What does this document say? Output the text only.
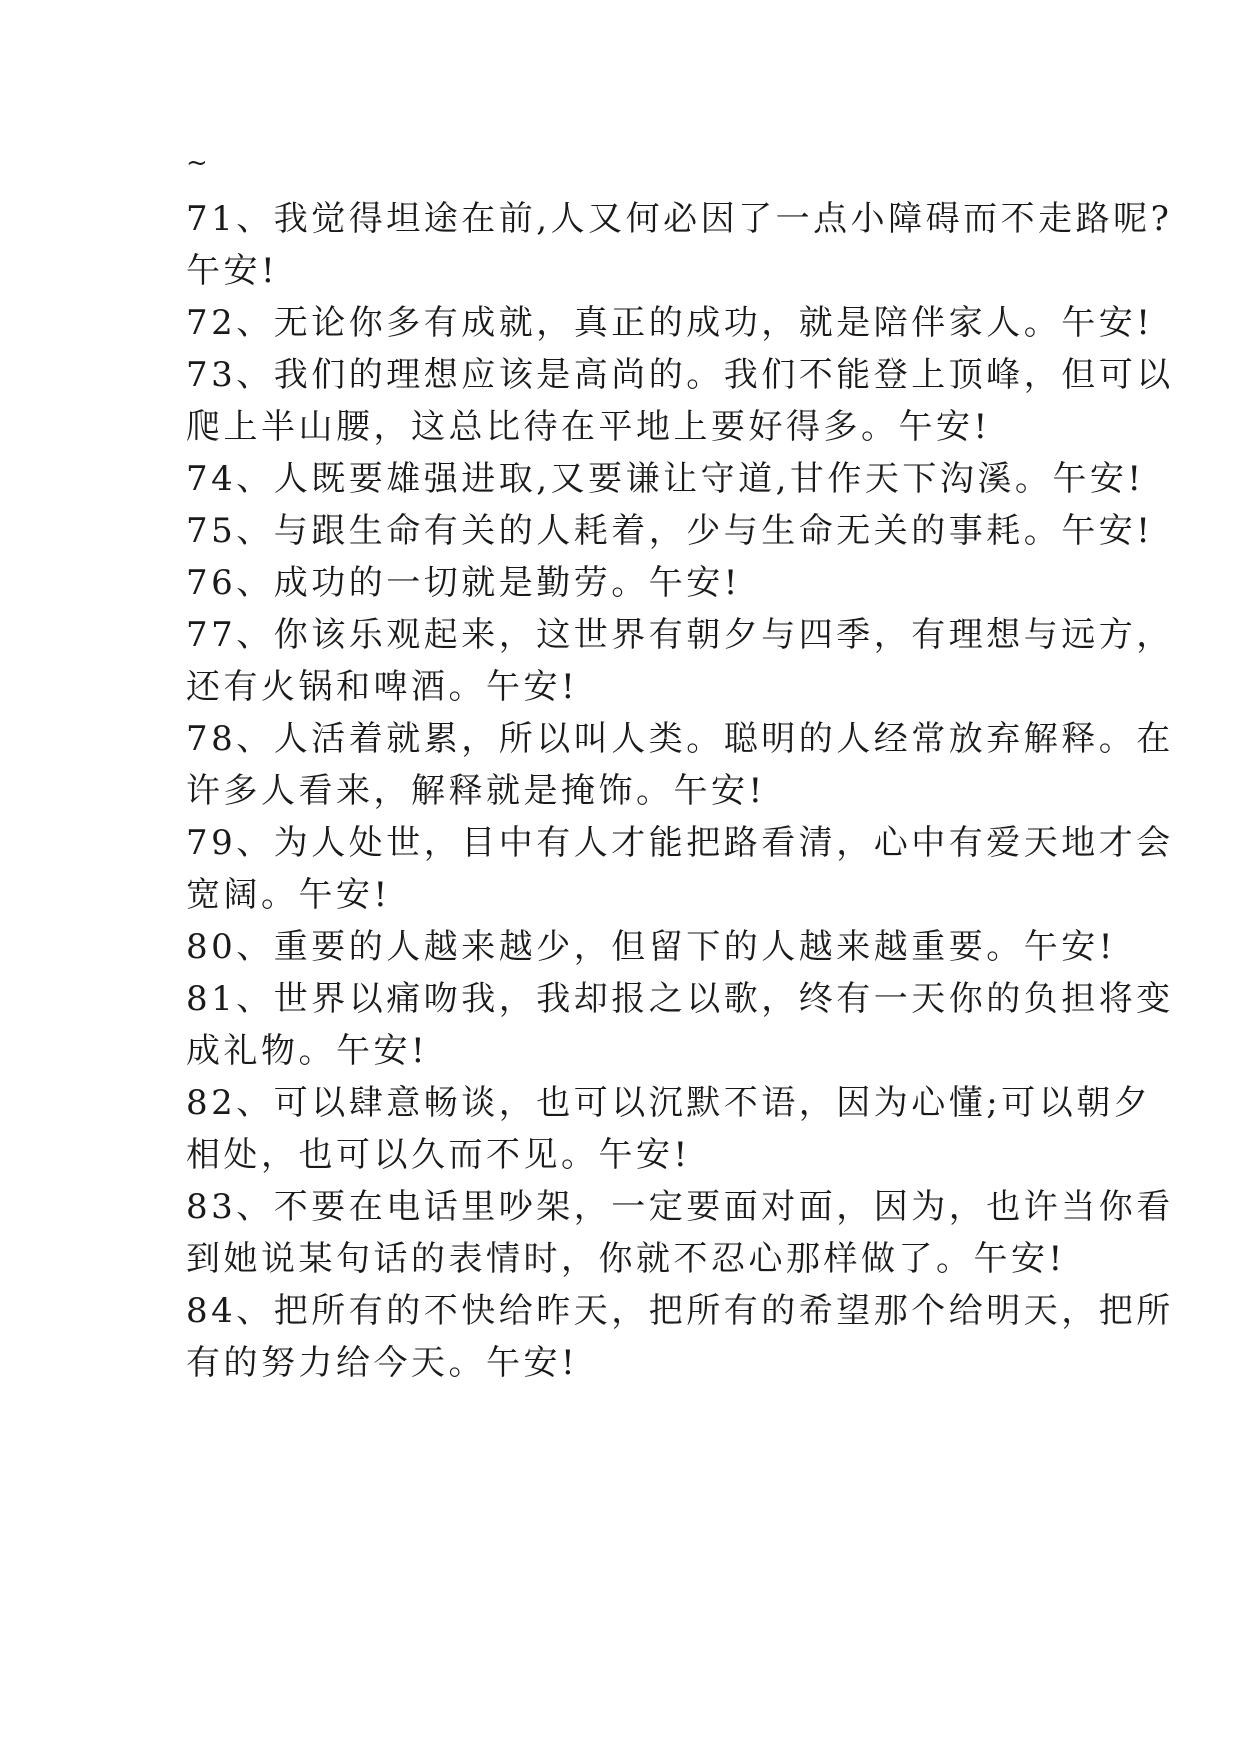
~
71、我觉得坦途在前,人又何必因了一点小障碍而不走路呢?
午安!
72、无论你多有成就，真正的成功，就是陪伴家人。午安!
73、我们的理想应该是高尚的。我们不能登上顶峰，但可以
爬上半山腰，这总比待在平地上要好得多。午安!
74、人既要雄强进取,又要谦让守道,甘作天下沟溪。午安!
75、与跟生命有关的人耗着，少与生命无关的事耗。午安!
76、成功的一切就是勤劳。午安!
77、你该乐观起来，这世界有朝夕与四季，有理想与远方，
还有火锅和啤酒。午安!
78、人活着就累，所以叫人类。聪明的人经常放弃解释。在
许多人看来，解释就是掩饰。午安!
79、为人处世，目中有人才能把路看清，心中有爱天地才会
宽阔。午安!
80、重要的人越来越少，但留下的人越来越重要。午安!
81、世界以痛吻我，我却报之以歌，终有一天你的负担将变
成礼物。午安!
82、可以肆意畅谈，也可以沉默不语，因为心懂;可以朝夕
相处，也可以久而不见。午安!
83、不要在电话里吵架，一定要面对面，因为，也许当你看
到她说某句话的表情时，你就不忍心那样做了。午安!
84、把所有的不快给昨天，把所有的希望那个给明天，把所
有的努力给今天。午安!
